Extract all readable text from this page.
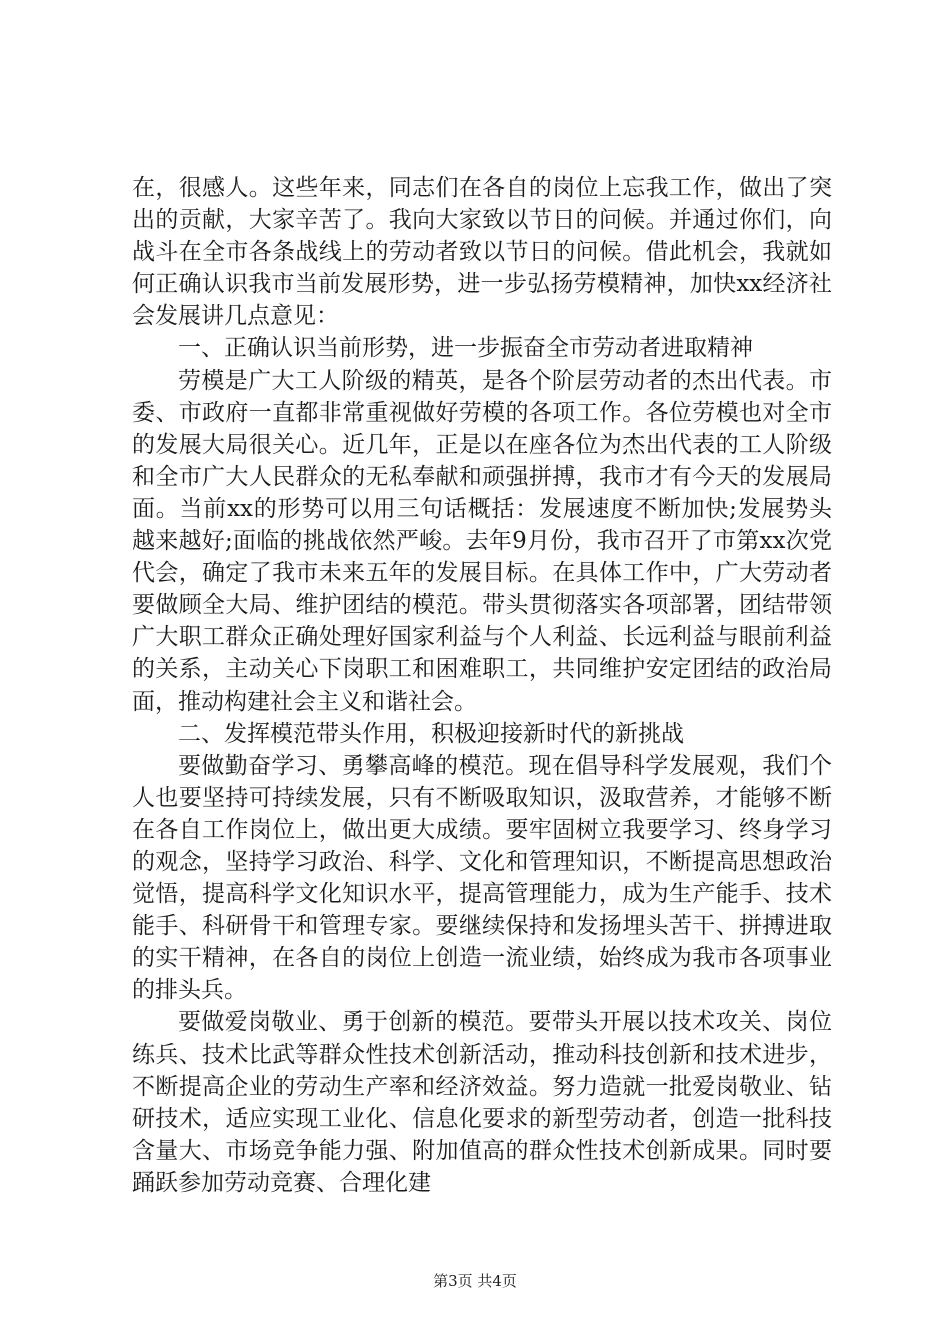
在，很感人。这些年来，同志们在各自的岗位上忘我工作，做出了突出的贡献，大家辛苦了。我向大家致以节日的问候。并通过你们，向战斗在全市各条战线上的劳动者致以节日的问候。借此机会，我就如何正确认识我市当前发展形势，进一步弘扬劳模精神，加快xx经济社会发展讲几点意见：

一、正确认识当前形势，进一步振奋全市劳动者进取精神

劳模是广大工人阶级的精英，是各个阶层劳动者的杰出代表。市委、市政府一直都非常重视做好劳模的各项工作。各位劳模也对全市的发展大局很关心。近几年，正是以在座各位为杰出代表的工人阶级和全市广大人民群众的无私奉献和顽强拼搏，我市才有今天的发展局面。当前xx的形势可以用三句话概括：发展速度不断加快;发展势头越来越好;面临的挑战依然严峻。去年9月份，我市召开了市第xx次党代会，确定了我市未来五年的发展目标。在具体工作中，广大劳动者要做顾全大局、维护团结的模范。带头贯彻落实各项部署，团结带领广大职工群众正确处理好国家利益与个人利益、长远利益与眼前利益的关系，主动关心下岗职工和困难职工，共同维护安定团结的政治局面，推动构建社会主义和谐社会。

二、发挥模范带头作用，积极迎接新时代的新挑战

要做勤奋学习、勇攀高峰的模范。现在倡导科学发展观，我们个人也要坚持可持续发展，只有不断吸取知识，汲取营养，才能够不断在各自工作岗位上，做出更大成绩。要牢固树立我要学习、终身学习的观念，坚持学习政治、科学、文化和管理知识，不断提高思想政治觉悟，提高科学文化知识水平，提高管理能力，成为生产能手、技术能手、科研骨干和管理专家。要继续保持和发扬埋头苦干、拼搏进取的实干精神，在各自的岗位上创造一流业绩，始终成为我市各项事业的排头兵。

要做爱岗敬业、勇于创新的模范。要带头开展以技术攻关、岗位练兵、技术比武等群众性技术创新活动，推动科技创新和技术进步，不断提高企业的劳动生产率和经济效益。努力造就一批爱岗敬业、钻研技术，适应实现工业化、信息化要求的新型劳动者，创造一批科技含量大、市场竞争能力强、附加值高的群众性技术创新成果。同时要踊跃参加劳动竞赛、合理化建

第3页 共4页
